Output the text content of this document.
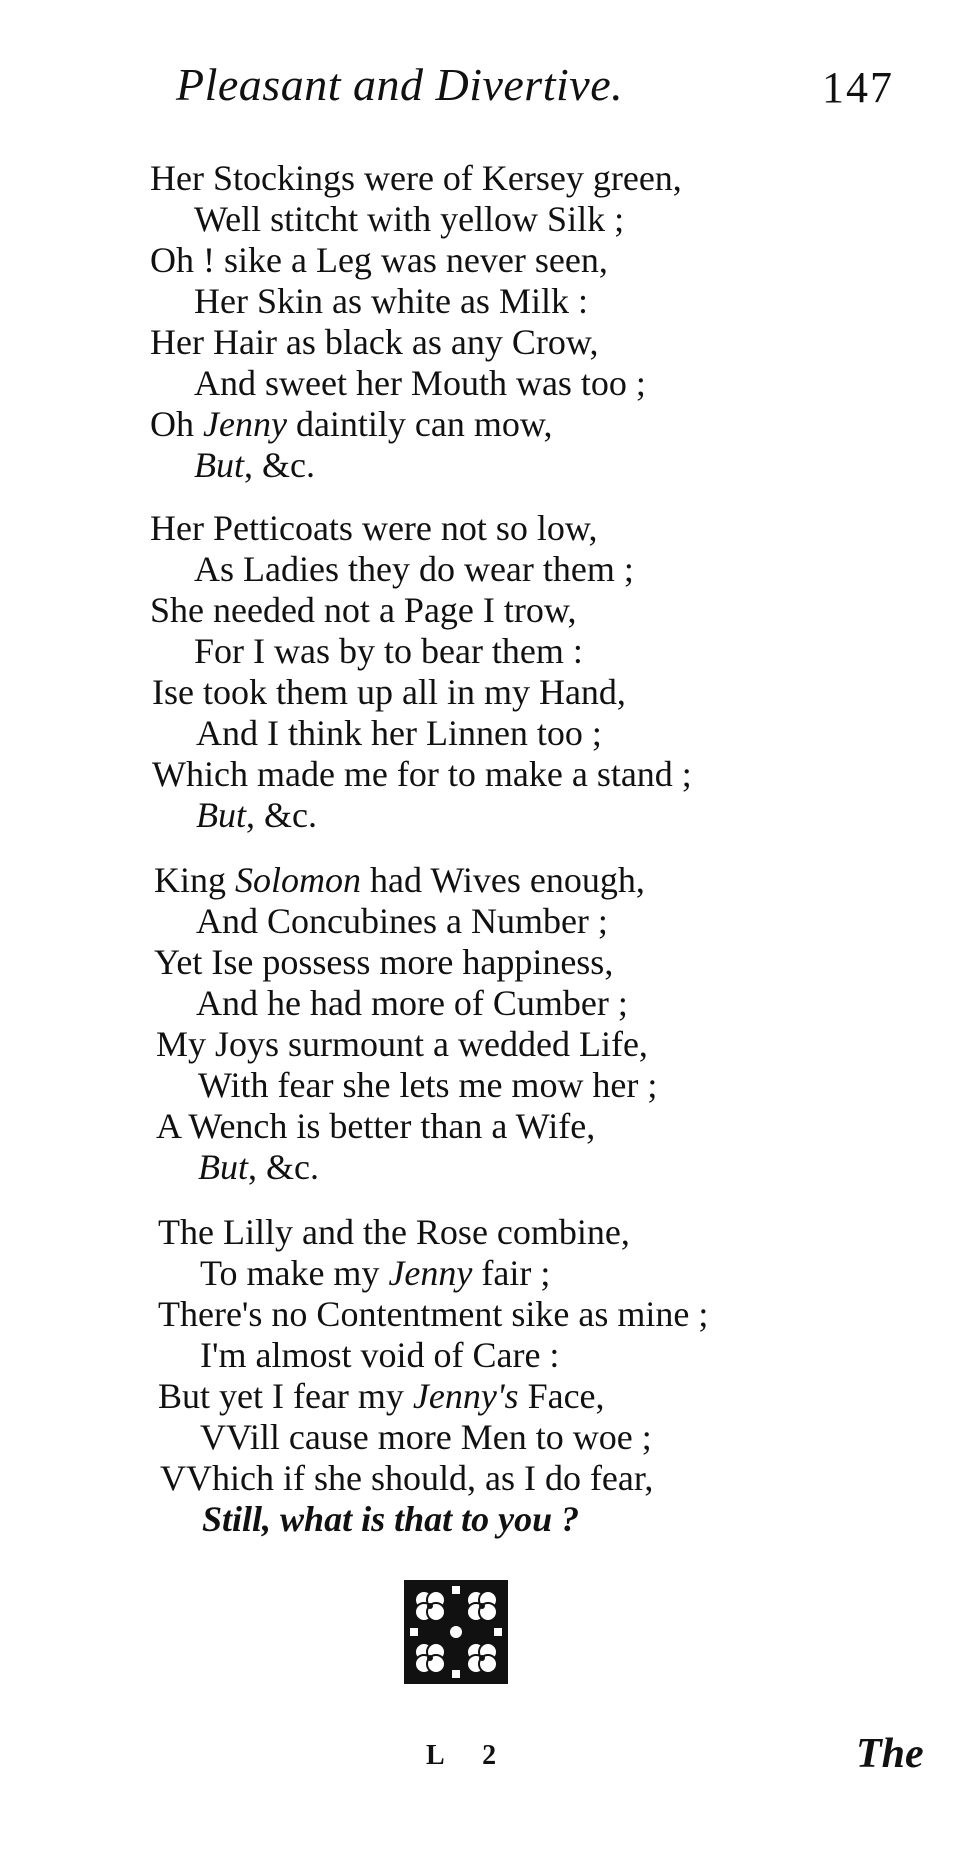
Pleasant and Divertive.	147
Her Stockings were of Kersey green,
Well stitcht with yellow Silk ;
Oh ! sike a Leg was never seen,
Her Skin as white as Milk :
Her Hair as black as any Crow,
And sweet her Mouth was too ;
Oh Jenny daintily can mow,
But, &c.
Her Petticoats were not so low,
As Ladies they do wear them ;
She needed not a Page I trow,
For I was by to bear them :
Ise took them up all in my Hand,
And I think her Linnen too ;
Which made me for to make a stand ;
But, &c.
King Solomon had Wives enough,
And Concubines a Number ;
Yet Ise possess more happiness,
And he had more of Cumber ;
My Joys surmount a wedded Life,
With fear she lets me mow her ;
A Wench is better than a Wife,
But, &c.
The Lilly and the Rose combine,
To make my Jenny fair ;
There's no Contentment sike as mine ;
I'm almost void of Care :
But yet I fear my Jenny's Face,
VVill cause more Men to woe ;
VVhich if she should, as I do fear,
Still, what is that to you ?
L 2	The
